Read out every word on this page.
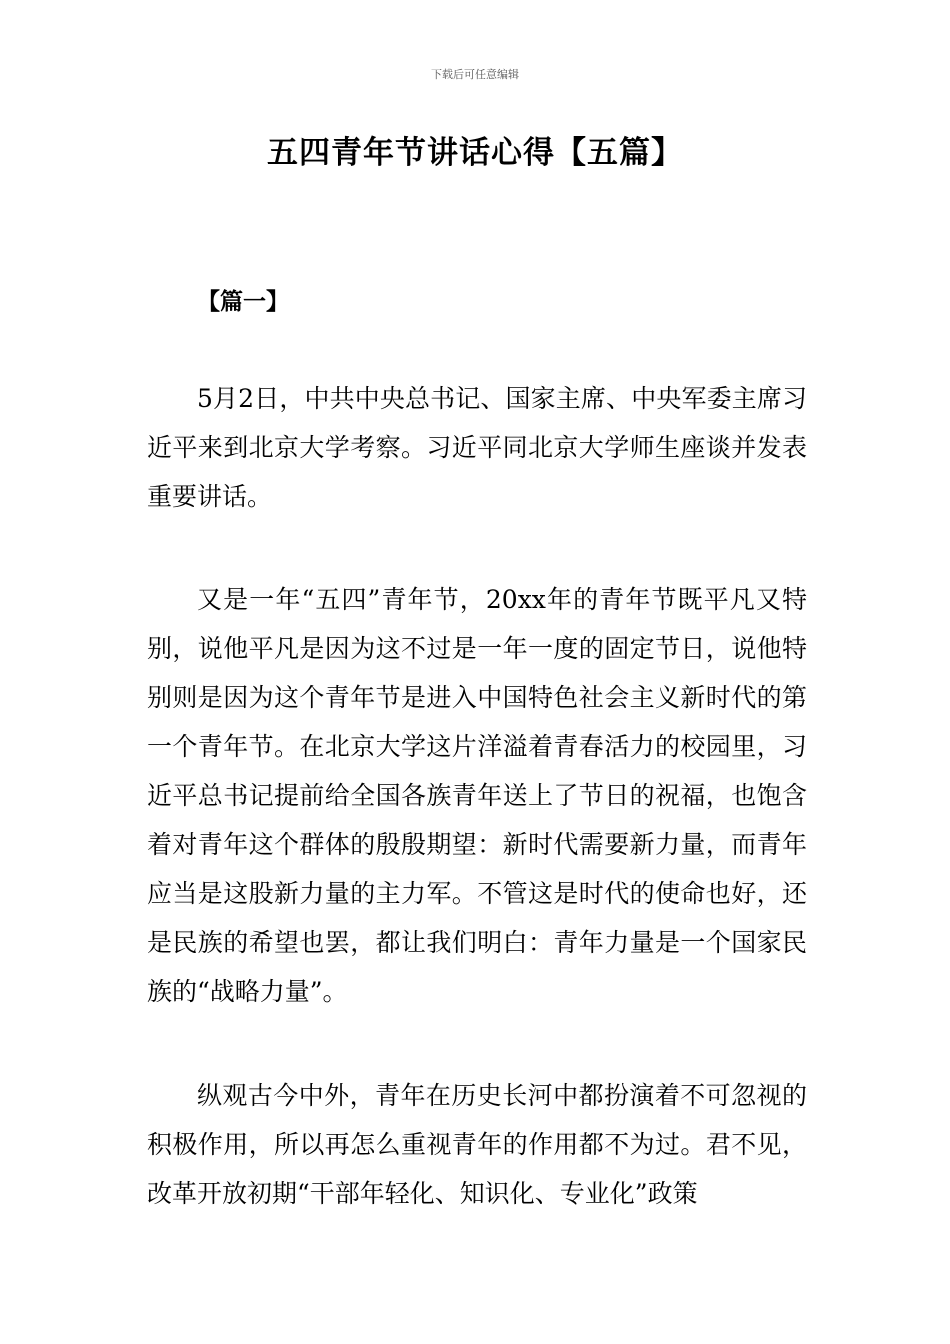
下载后可任意编辑
五四青年节讲话心得【五篇】
【篇一】

5月2日，中共中央总书记、国家主席、中央军委主席习近平来到北京大学考察。习近平同北京大学师生座谈并发表重要讲话。

又是一年“五四”青年节，20xx年的青年节既平凡又特别，说他平凡是因为这不过是一年一度的固定节日，说他特别则是因为这个青年节是进入中国特色社会主义新时代的第一个青年节。在北京大学这片洋溢着青春活力的校园里，习近平总书记提前给全国各族青年送上了节日的祝福，也饱含着对青年这个群体的殷殷期望：新时代需要新力量，而青年应当是这股新力量的主力军。不管这是时代的使命也好，还是民族的希望也罢，都让我们明白：青年力量是一个国家民族的“战略力量”。

纵观古今中外，青年在历史长河中都扮演着不可忽视的积极作用，所以再怎么重视青年的作用都不为过。君不见，改革开放初期“干部年轻化、知识化、专业化”政策
